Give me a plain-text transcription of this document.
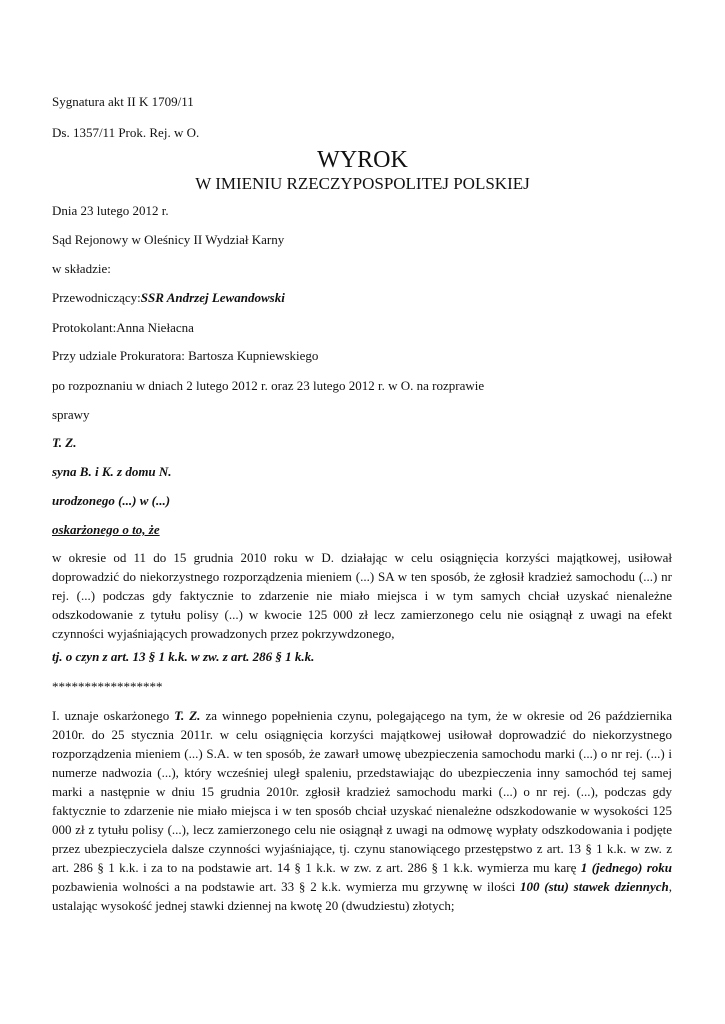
Sygnatura akt II K 1709/11
Ds. 1357/11 Prok. Rej. w O.
WYROK
W IMIENIU RZECZYPOSPOLITEJ POLSKIEJ
Dnia 23 lutego 2012 r.
Sąd Rejonowy w Oleśnicy II Wydział Karny
w składzie:
Przewodniczący:SSR Andrzej Lewandowski
Protokolant:Anna Niełacna
Przy udziale Prokuratora: Bartosza Kupniewskiego
po rozpoznaniu w dniach 2 lutego 2012 r. oraz 23 lutego 2012 r. w O. na rozprawie
sprawy
T. Z.
syna B. i K. z domu N.
urodzonego (...) w (...)
oskarżonego o to, że
w okresie od 11 do 15 grudnia 2010 roku w D. działając w celu osiągnięcia korzyści majątkowej, usiłował doprowadzić do niekorzystnego rozporządzenia mieniem (...) SA w ten sposób, że zgłosił kradzież samochodu (...) nr rej. (...) podczas gdy faktycznie to zdarzenie nie miało miejsca i w tym samych chciał uzyskać nienależne odszkodowanie z tytułu polisy (...) w kwocie 125 000 zł lecz zamierzonego celu nie osiągnął z uwagi na efekt czynności wyjaśniających prowadzonych przez pokrzywdzonego,
tj. o czyn z art. 13 § 1 k.k. w zw. z art. 286 § 1 k.k.
*****************
I. uznaje oskarżonego T. Z. za winnego popełnienia czynu, polegającego na tym, że w okresie od 26 października 2010r. do 25 stycznia 2011r. w celu osiągnięcia korzyści majątkowej usiłował doprowadzić do niekorzystnego rozporządzenia mieniem (...) S.A. w ten sposób, że zawarł umowę ubezpieczenia samochodu marki (...) o nr rej. (...) i numerze nadwozia (...), który wcześniej uległ spaleniu, przedstawiając do ubezpieczenia inny samochód tej samej marki a następnie w dniu 15 grudnia 2010r. zgłosił kradzież samochodu marki (...) o nr rej. (...), podczas gdy faktycznie to zdarzenie nie miało miejsca i w ten sposób chciał uzyskać nienależne odszkodowanie w wysokości 125 000 zł z tytułu polisy (...), lecz zamierzonego celu nie osiągnął z uwagi na odmowę wypłaty odszkodowania i podjęte przez ubezpieczyciela dalsze czynności wyjaśniające, tj. czynu stanowiącego przestępstwo z art. 13 § 1 k.k. w zw. z art. 286 § 1 k.k. i za to na podstawie art. 14 § 1 k.k. w zw. z art. 286 § 1 k.k. wymierza mu karę 1 (jednego) roku pozbawienia wolności a na podstawie art. 33 § 2 k.k. wymierza mu grzywnę w ilości 100 (stu) stawek dziennych, ustalając wysokość jednej stawki dziennej na kwotę 20 (dwudziestu) złotych;
